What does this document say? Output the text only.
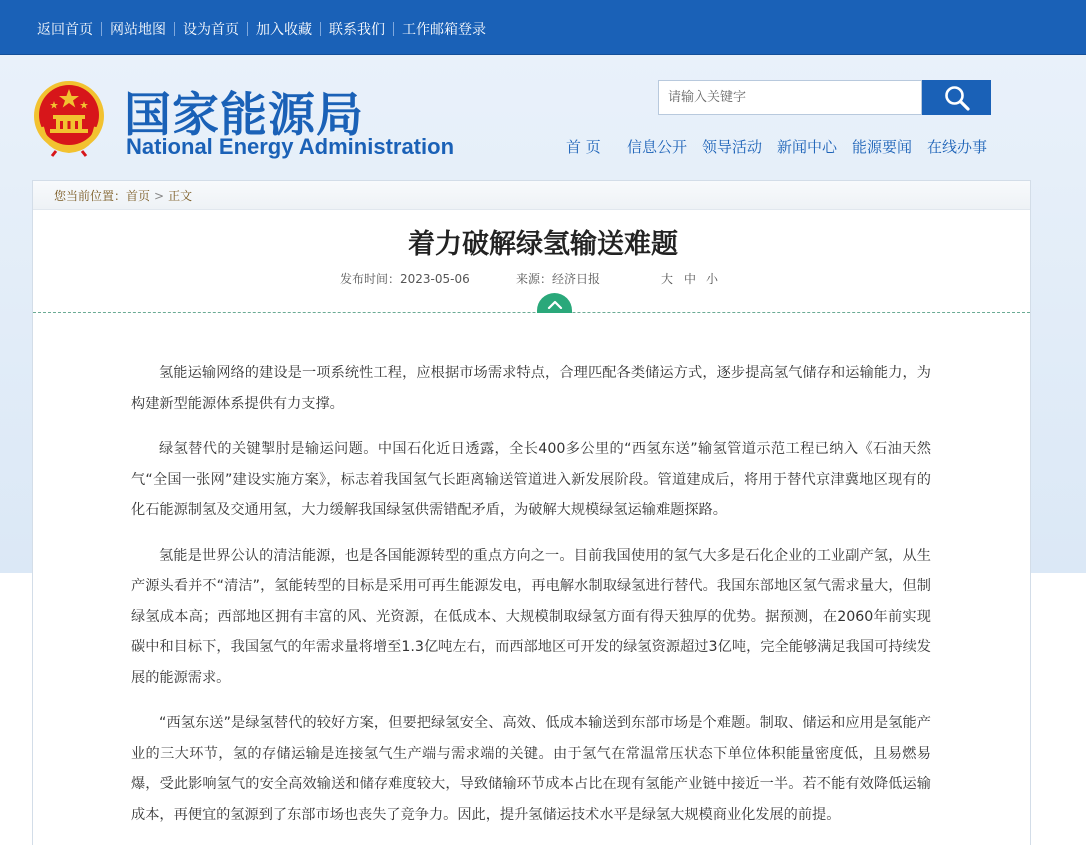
返回首页 网站地图 设为首页 加入收藏 联系我们 工作邮箱登录
国家能源局
National Energy Administration
请输入关键字	首 页 信息公开 领导活动 新闻中心 能源要闻 在线办事
您当前位置：首页 > 正文
着力破解绿氢输送难题
发布时间：2023-05-06	来源：经济日报	大 中 小

氢能运输网络的建设是一项系统性工程，应根据市场需求特点，合理匹配各类储运方式，逐步提高氢气储存和运输能力，为构建新型能源体系提供有力支撑。

绿氢替代的关键掣肘是输运问题。中国石化近日透露，全长400多公里的“西氢东送”输氢管道示范工程已纳入《石油天然气“全国一张网”建设实施方案》，标志着我国氢气长距离输送管道进入新发展阶段。管道建成后，将用于替代京津冀地区现有的化石能源制氢及交通用氢，大力缓解我国绿氢供需错配矛盾，为破解大规模绿氢运输难题探路。

氢能是世界公认的清洁能源，也是各国能源转型的重点方向之一。目前我国使用的氢气大多是石化企业的工业副产氢，从生产源头看并不“清洁”，氢能转型的目标是采用可再生能源发电，再电解水制取绿氢进行替代。我国东部地区氢气需求量大，但制绿氢成本高；西部地区拥有丰富的风、光资源，在低成本、大规模制取绿氢方面有得天独厚的优势。据预测，在2060年前实现碳中和目标下，我国氢气的年需求量将增至1.3亿吨左右，而西部地区可开发的绿氢资源超过3亿吨，完全能够满足我国可持续发展的能源需求。

“西氢东送”是绿氢替代的较好方案，但要把绿氢安全、高效、低成本输送到东部市场是个难题。制取、储运和应用是氢能产业的三大环节，氢的存储运输是连接氢气生产端与需求端的关键。由于氢气在常温常压状态下单位体积能量密度低，且易燃易爆，受此影响氢气的安全高效输送和储存难度较大，导致储输环节成本占比在现有氢能产业链中接近一半。若不能有效降低运输成本，再便宜的氢源到了东部市场也丧失了竞争力。因此，提升氢储运技术水平是绿氢大规模商业化发展的前提。
